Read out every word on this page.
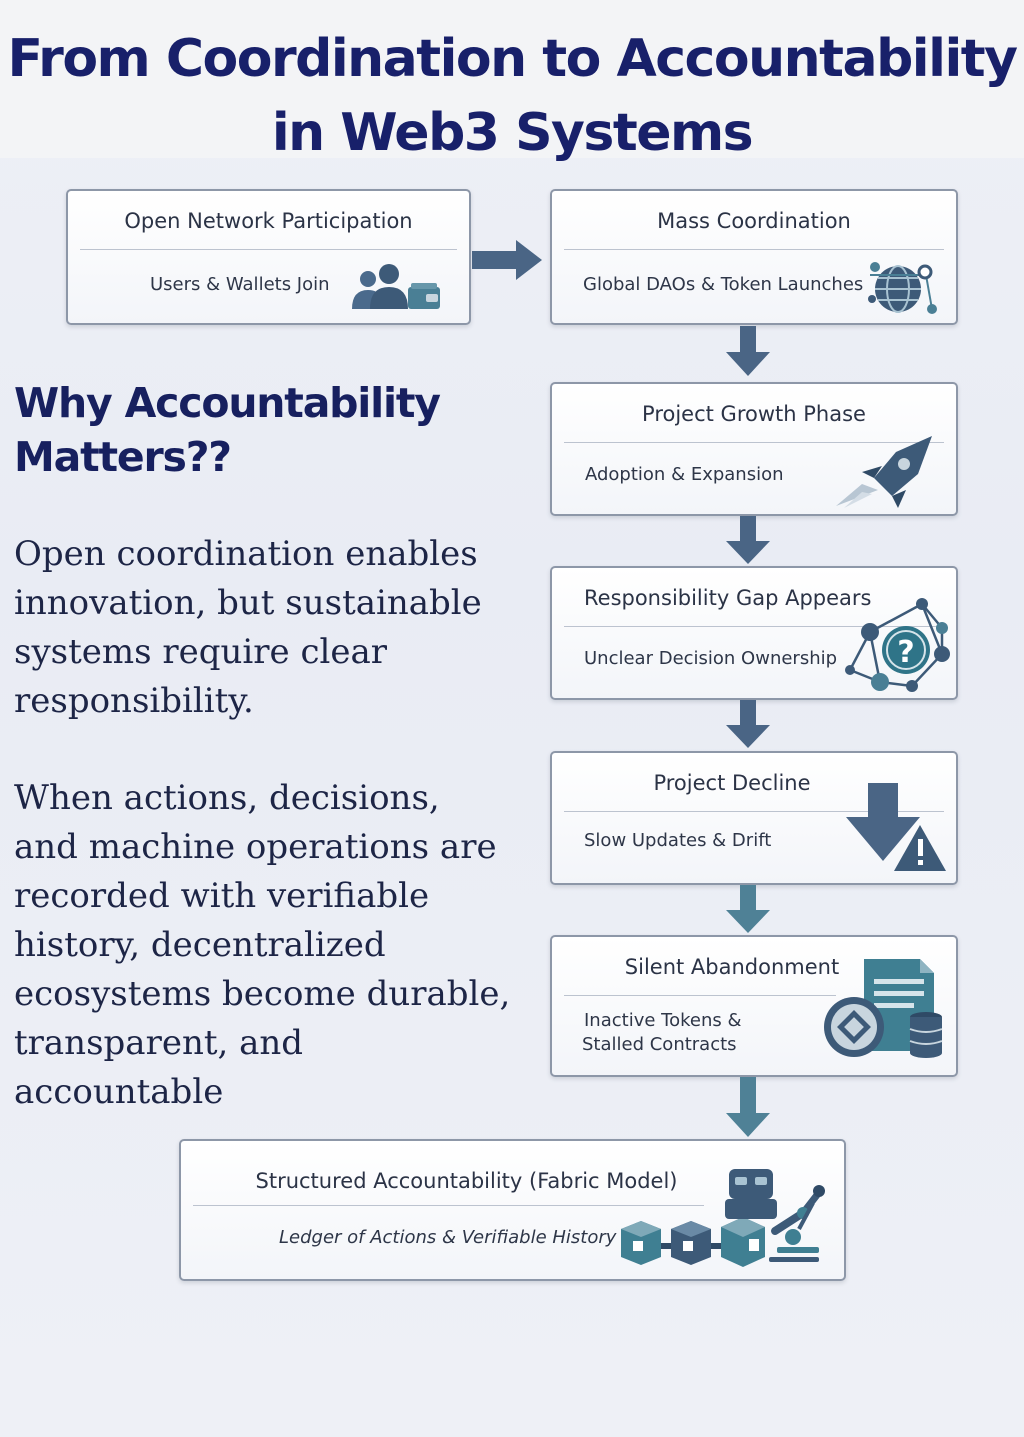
From Coordination to Accountability in Web3 Systems
Why Accountability Matters??

Open coordination enables innovation, but sustainable systems require clear responsibility.

When actions, decisions, and machine operations are recorded with verifiable history, decentralized ecosystems become durable, transparent, and accountable

Open Network Participation
Users & Wallets Join
Mass Coordination
Global DAOs & Token Launches
Project Growth Phase
Adoption & Expansion
Responsibility Gap Appears
Unclear Decision Ownership ?
Project Decline
Slow Updates & Drift
Silent Abandonment
Inactive Tokens &
Stalled Contracts
Structured Accountability (Fabric Model)
Ledger of Actions & Verifiable History
